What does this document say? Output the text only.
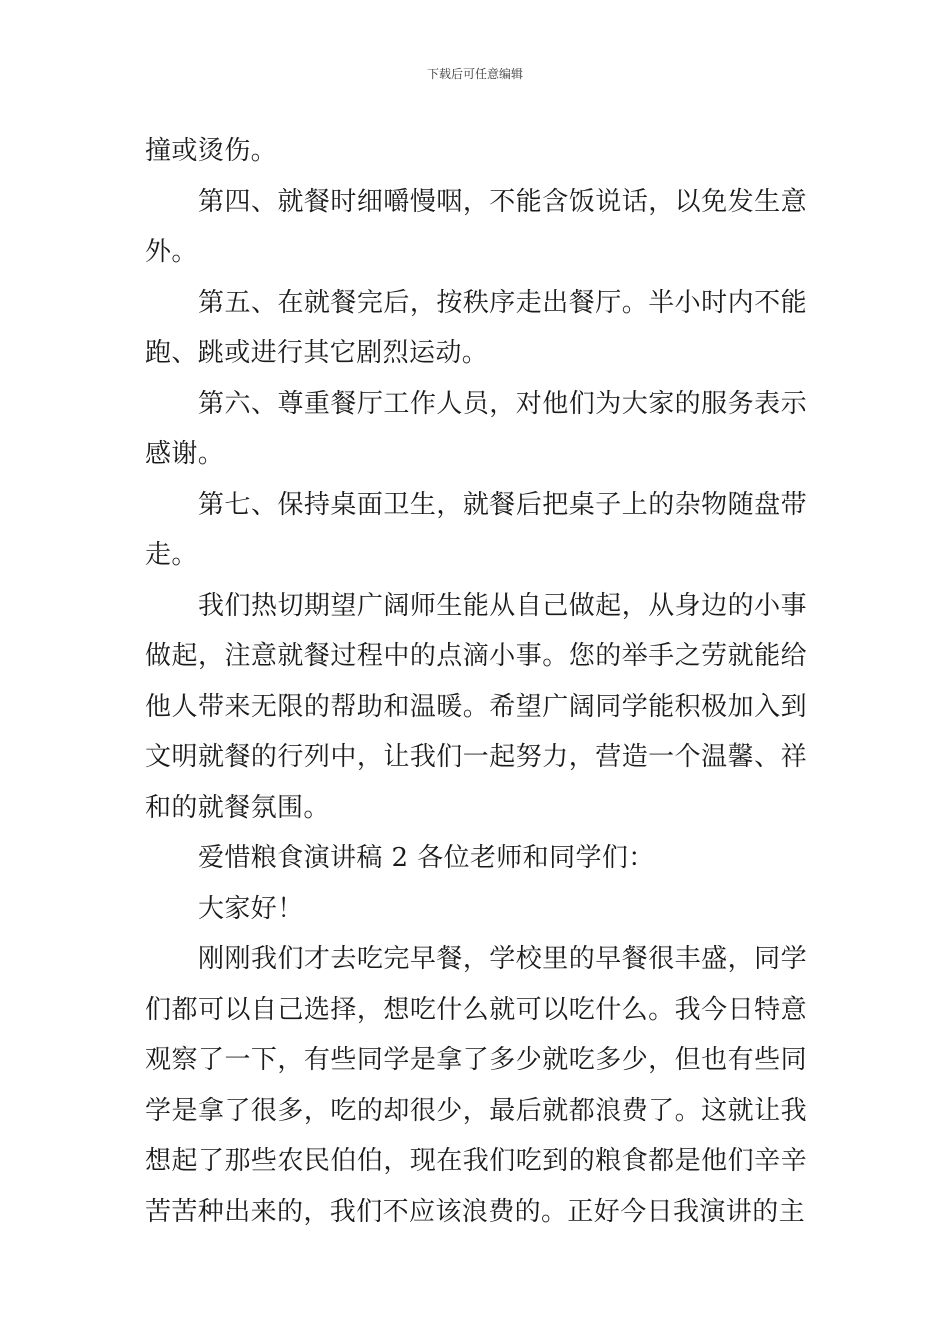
下载后可任意编辑

撞或烫伤。

第四、就餐时细嚼慢咽，不能含饭说话，以免发生意外。

第五、在就餐完后，按秩序走出餐厅。半小时内不能跑、跳或进行其它剧烈运动。

第六、尊重餐厅工作人员，对他们为大家的服务表示感谢。

第七、保持桌面卫生，就餐后把桌子上的杂物随盘带走。

我们热切期望广阔师生能从自己做起，从身边的小事做起，注意就餐过程中的点滴小事。您的举手之劳就能给他人带来无限的帮助和温暖。希望广阔同学能积极加入到文明就餐的行列中，让我们一起努力，营造一个温馨、祥和的就餐氛围。

爱惜粮食演讲稿 2 各位老师和同学们：

大家好！

刚刚我们才去吃完早餐，学校里的早餐很丰盛，同学们都可以自己选择，想吃什么就可以吃什么。我今日特意观察了一下，有些同学是拿了多少就吃多少，但也有些同学是拿了很多，吃的却很少，最后就都浪费了。这就让我想起了那些农民伯伯，现在我们吃到的粮食都是他们辛辛苦苦种出来的，我们不应该浪费的。正好今日我演讲的主
